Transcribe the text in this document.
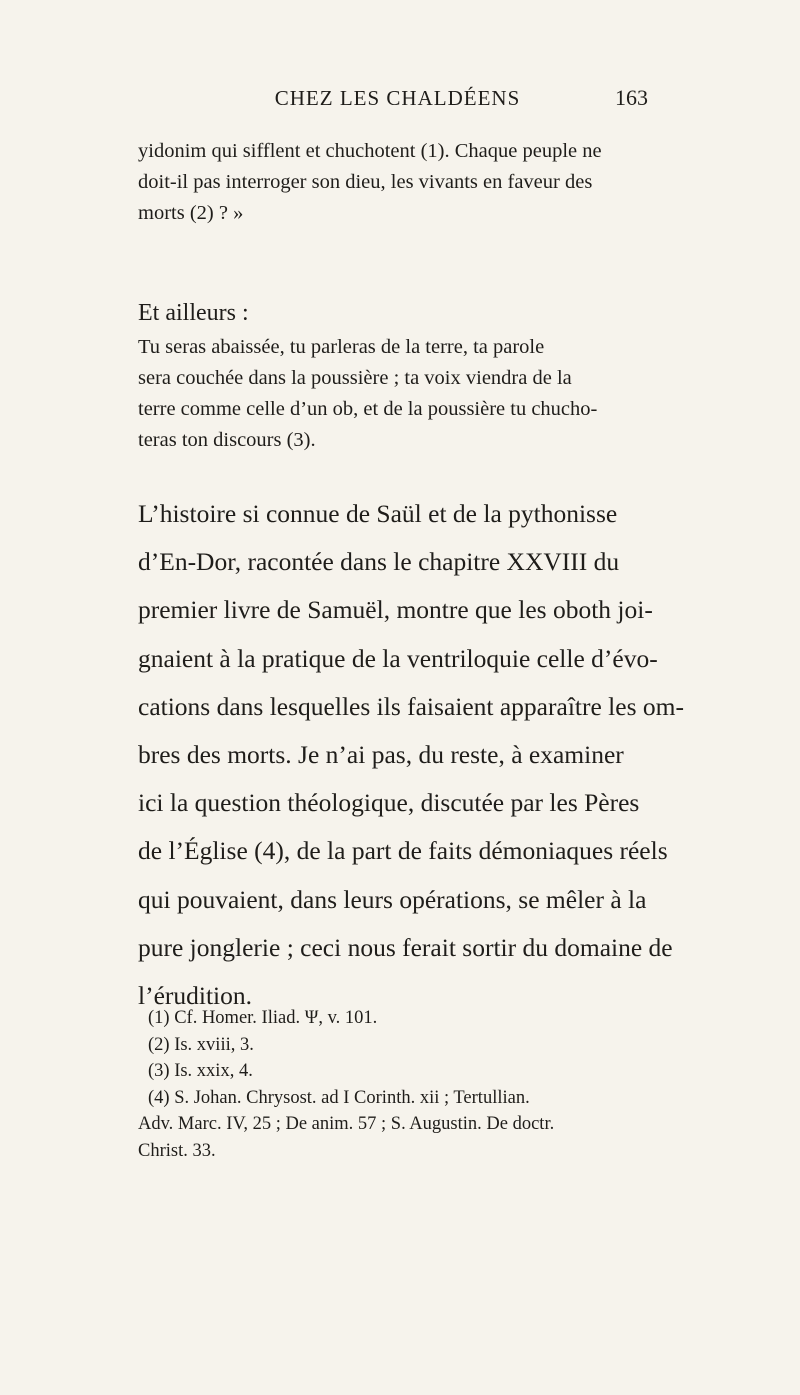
CHEZ LES CHALDÉENS	163
yidonim qui sifflent et chuchotent (1). Chaque peuple ne
doit-il pas interroger son dieu, les vivants en faveur des
morts (2) ? »
Et ailleurs :
Tu seras abaissée, tu parleras de la terre, ta parole
sera couchée dans la poussière ; ta voix viendra de la
terre comme celle d’un ob, et de la poussière tu chucho-
teras ton discours (3).
L’histoire si connue de Saül et de la pythonisse
d’En-Dor, racontée dans le chapitre XXVIII du
premier livre de Samuël, montre que les oboth joi-
gnaient à la pratique de la ventriloquie celle d’évo-
cations dans lesquelles ils faisaient apparaître les om-
bres des morts. Je n’ai pas, du reste, à examiner
ici la question théologique, discutée par les Pères
de l’Église (4), de la part de faits démoniaques réels
qui pouvaient, dans leurs opérations, se mêler à la
pure jonglerie ; ceci nous ferait sortir du domaine de
l’érudition.
(1) Cf. Homer. Iliad. Ψ, v. 101.
(2) Is. xviii, 3.
(3) Is. xxix, 4.
(4) S. Johan. Chrysost. ad I Corinth. xii ; Tertullian.
Adv. Marc. IV, 25 ; De anim. 57 ; S. Augustin. De doctr.
Christ. 33.
